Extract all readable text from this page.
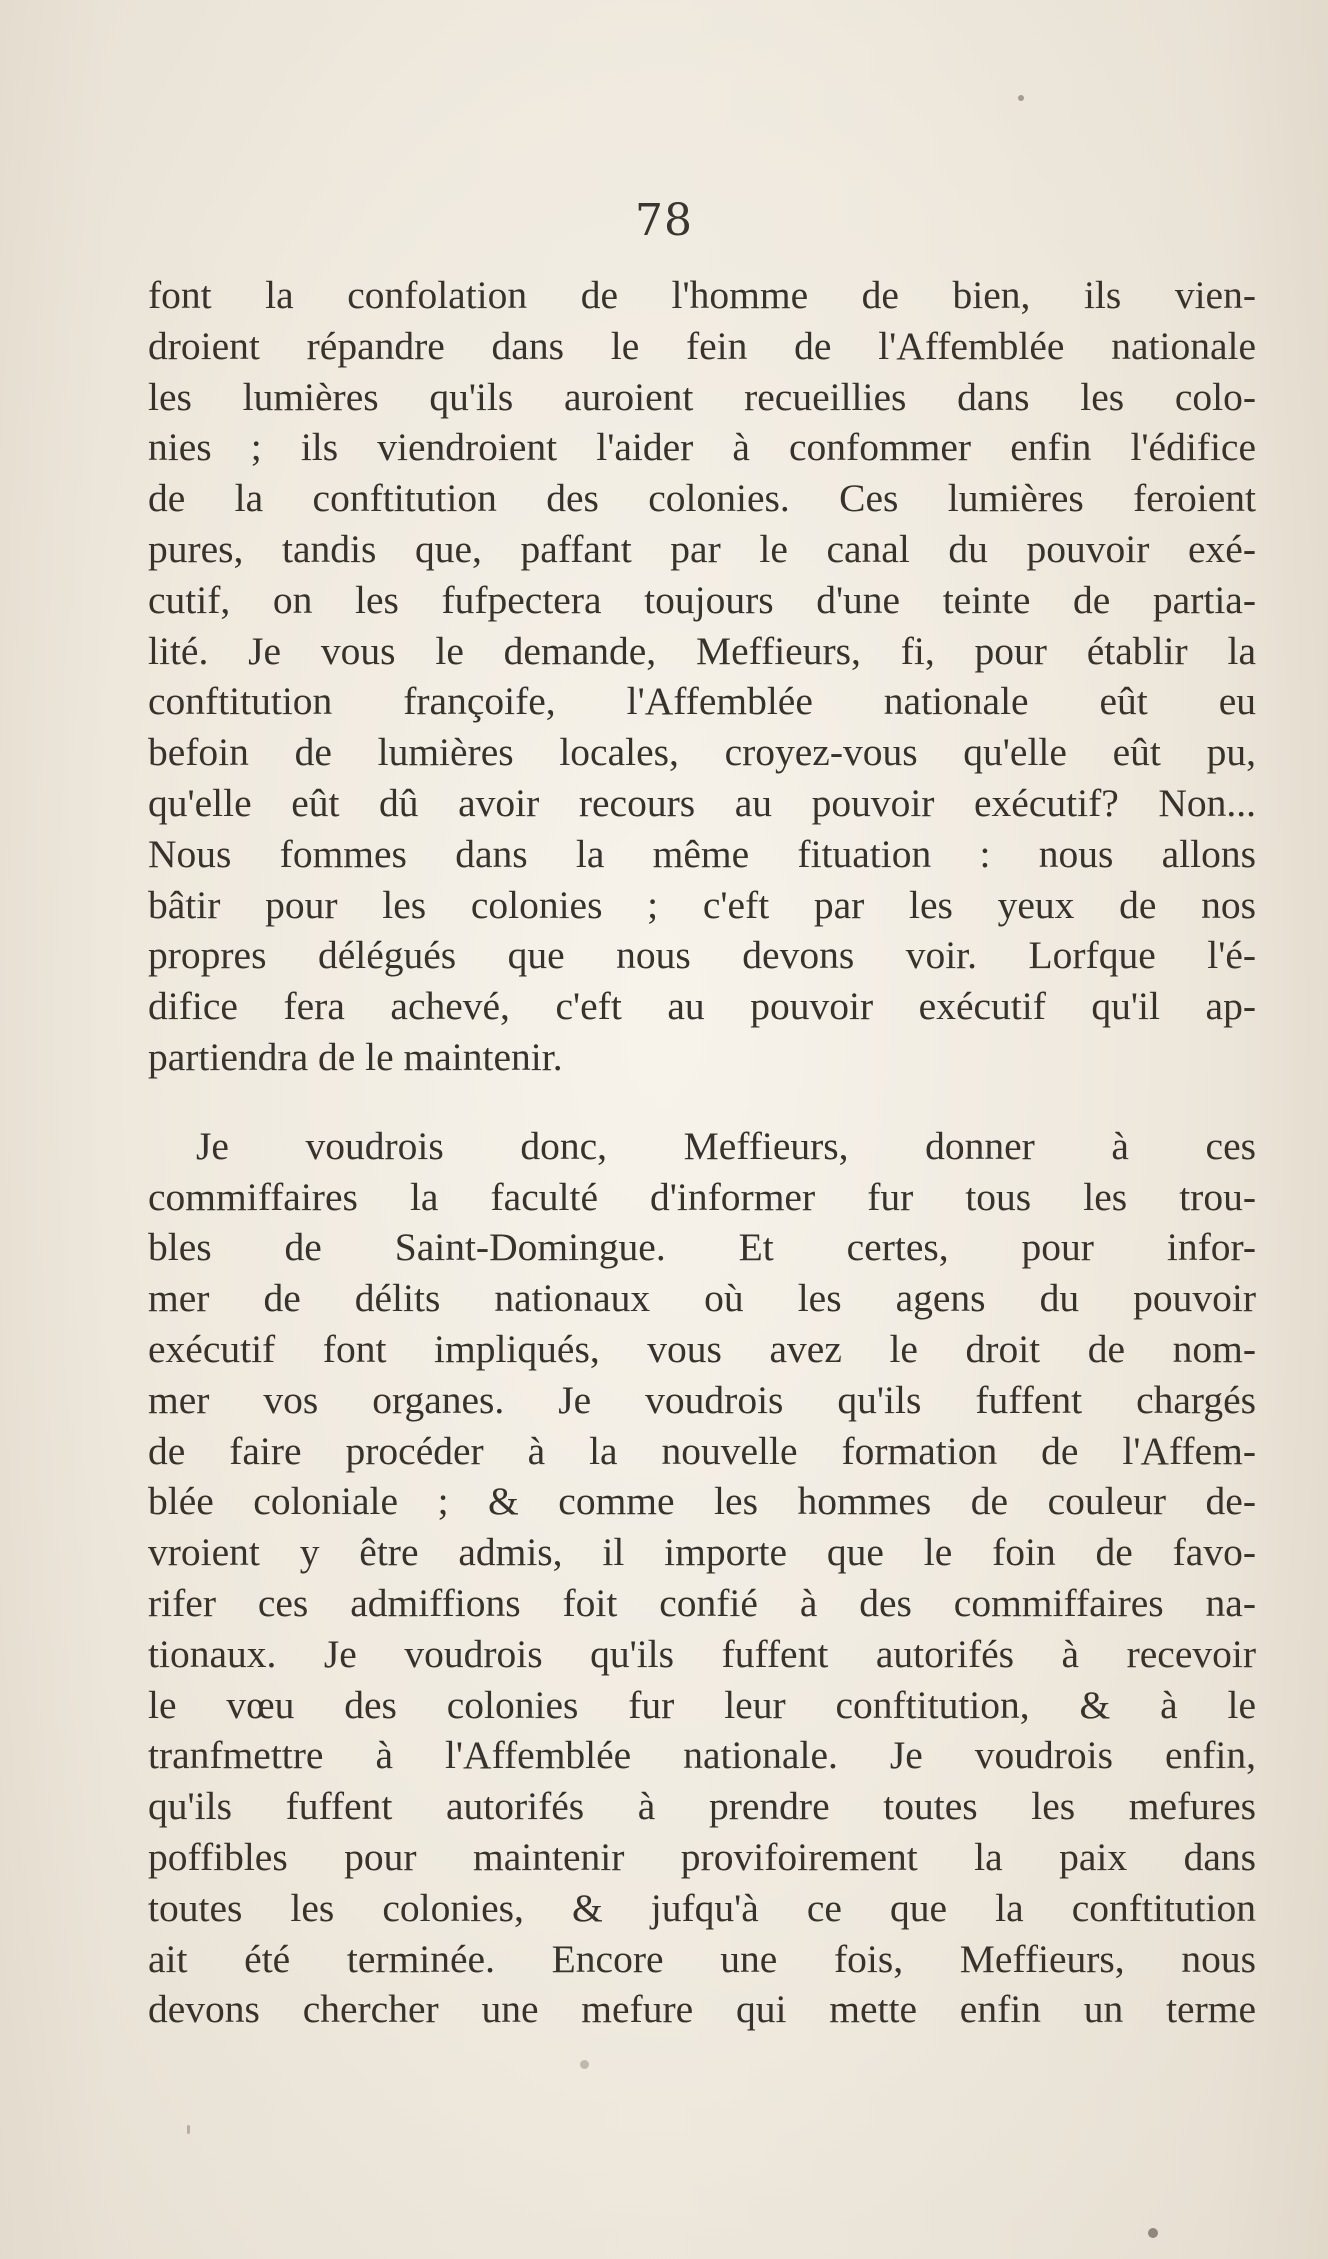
78
font la confolation de l'homme de bien, ils vien-
droient répandre dans le fein de l'Affemblée nationale
les lumières qu'ils auroient recueillies dans les colo-
nies ; ils viendroient l'aider à confommer enfin l'édifice
de la conftitution des colonies. Ces lumières feroient
pures, tandis que, paffant par le canal du pouvoir exé-
cutif, on les fufpectera toujours d'une teinte de partia-
lité. Je vous le demande, Meffieurs, fi, pour établir la
conftitution françoife, l'Affemblée nationale eût eu
befoin de lumières locales, croyez-vous qu'elle eût pu,
qu'elle eût dû avoir recours au pouvoir exécutif? Non...
Nous fommes dans la même fituation : nous allons
bâtir pour les colonies ; c'eft par les yeux de nos
propres délégués que nous devons voir. Lorfque l'é-
difice fera achevé, c'eft au pouvoir exécutif qu'il ap-
partiendra de le maintenir.
Je voudrois donc, Meffieurs, donner à ces
commiffaires la faculté d'informer fur tous les trou-
bles de Saint-Domingue. Et certes, pour infor-
mer de délits nationaux où les agens du pouvoir
exécutif font impliqués, vous avez le droit de nom-
mer vos organes. Je voudrois qu'ils fuffent chargés
de faire procéder à la nouvelle formation de l'Affem-
blée coloniale ; & comme les hommes de couleur de-
vroient y être admis, il importe que le foin de favo-
rifer ces admiffions foit confié à des commiffaires na-
tionaux. Je voudrois qu'ils fuffent autorifés à recevoir
le vœu des colonies fur leur conftitution, & à le
tranfmettre à l'Affemblée nationale. Je voudrois enfin,
qu'ils fuffent autorifés à prendre toutes les mefures
poffibles pour maintenir provifoirement la paix dans
toutes les colonies, & jufqu'à ce que la conftitution
ait été terminée. Encore une fois, Meffieurs, nous
devons chercher une mefure qui mette enfin un terme
